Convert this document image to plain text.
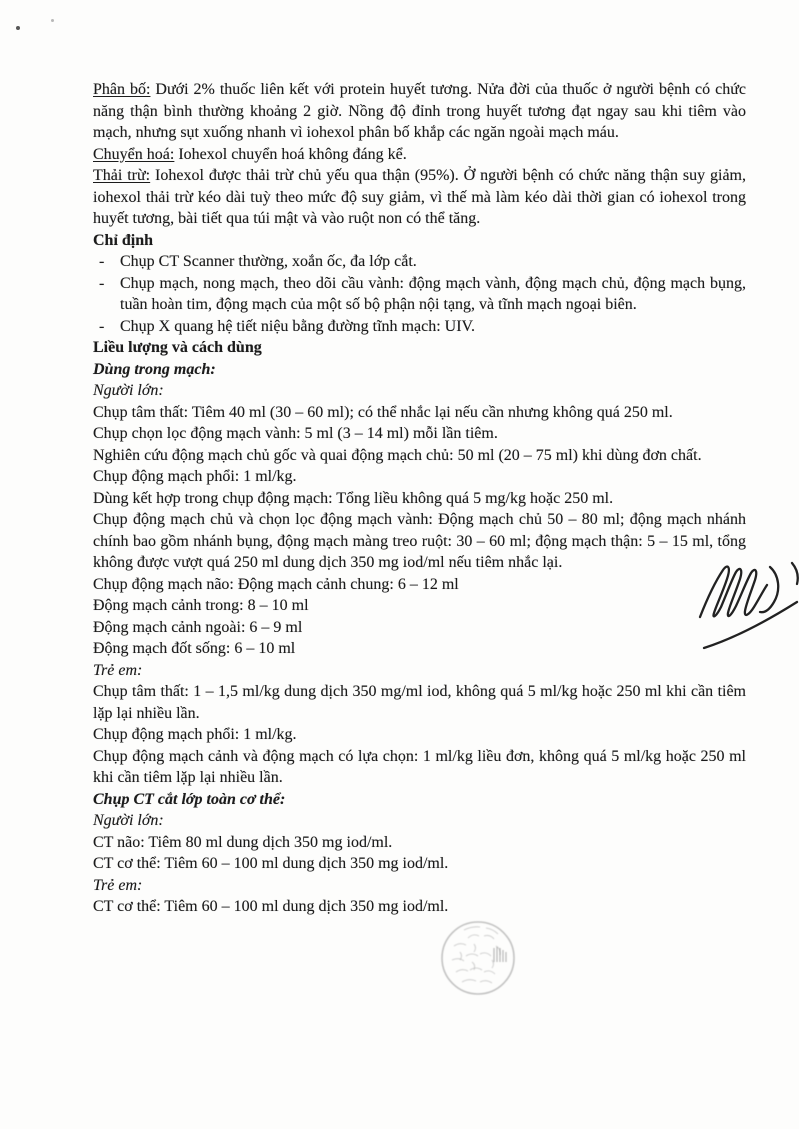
Phân bố: Dưới 2% thuốc liên kết với protein huyết tương. Nửa đời của thuốc ở người bệnh có chức năng thận bình thường khoảng 2 giờ. Nồng độ đỉnh trong huyết tương đạt ngay sau khi tiêm vào mạch, nhưng sụt xuống nhanh vì iohexol phân bố khắp các ngăn ngoài mạch máu.
Chuyển hoá: Iohexol chuyển hoá không đáng kể.
Thải trừ: Iohexol được thải trừ chủ yếu qua thận (95%). Ở người bệnh có chức năng thận suy giảm, iohexol thải trừ kéo dài tuỳ theo mức độ suy giảm, vì thế mà làm kéo dài thời gian có iohexol trong huyết tương, bài tiết qua túi mật và vào ruột non có thể tăng.
Chỉ định
- Chụp CT Scanner thường, xoắn ốc, đa lớp cắt.
- Chụp mạch, nong mạch, theo dõi cầu vành: động mạch vành, động mạch chủ, động mạch bụng, tuần hoàn tim, động mạch của một số bộ phận nội tạng, và tĩnh mạch ngoại biên.
- Chụp X quang hệ tiết niệu bằng đường tĩnh mạch: UIV.
Liều lượng và cách dùng
Dùng trong mạch:
Người lớn:
Chụp tâm thất: Tiêm 40 ml (30 – 60 ml); có thể nhắc lại nếu cần nhưng không quá 250 ml.
Chụp chọn lọc động mạch vành: 5 ml (3 – 14 ml) mỗi lần tiêm.
Nghiên cứu động mạch chủ gốc và quai động mạch chủ: 50 ml (20 – 75 ml) khi dùng đơn chất.
Chụp động mạch phổi: 1 ml/kg.
Dùng kết hợp trong chụp động mạch: Tổng liều không quá 5 mg/kg hoặc 250 ml.
Chụp động mạch chủ và chọn lọc động mạch vành: Động mạch chủ 50 – 80 ml; động mạch nhánh chính bao gồm nhánh bụng, động mạch màng treo ruột: 30 – 60 ml; động mạch thận: 5 – 15 ml, tổng không được vượt quá 250 ml dung dịch 350 mg iod/ml nếu tiêm nhắc lại.
Chụp động mạch não: Động mạch cảnh chung: 6 – 12 ml
Động mạch cảnh trong: 8 – 10 ml
Động mạch cảnh ngoài: 6 – 9 ml
Động mạch đốt sống: 6 – 10 ml
Trẻ em:
Chụp tâm thất: 1 – 1,5 ml/kg dung dịch 350 mg/ml iod, không quá 5 ml/kg hoặc 250 ml khi cần tiêm lặp lại nhiều lần.
Chụp động mạch phổi: 1 ml/kg.
Chụp động mạch cảnh và động mạch có lựa chọn: 1 ml/kg liều đơn, không quá 5 ml/kg hoặc 250 ml khi cần tiêm lặp lại nhiều lần.
Chụp CT cắt lớp toàn cơ thể:
Người lớn:
CT não: Tiêm 80 ml dung dịch 350 mg iod/ml.
CT cơ thể: Tiêm 60 – 100 ml dung dịch 350 mg iod/ml.
Trẻ em:
CT cơ thể: Tiêm 60 – 100 ml dung dịch 350 mg iod/ml.
